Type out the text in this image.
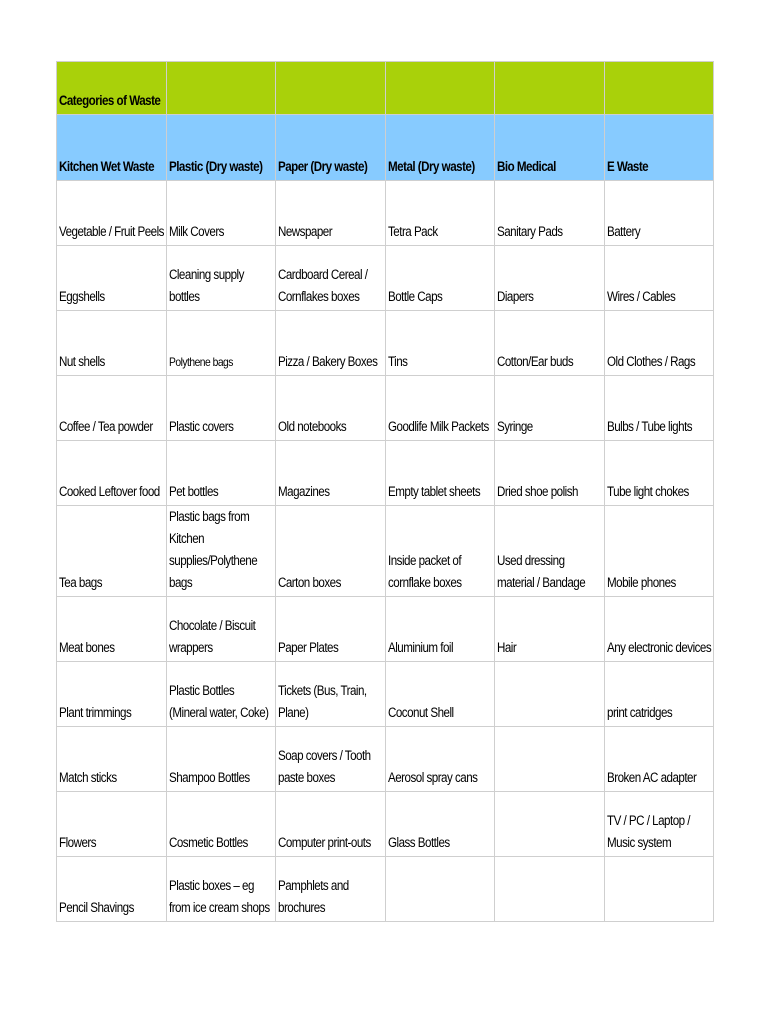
Categories of Waste					

Kitchen Wet Waste	Plastic (Dry waste)	Paper (Dry waste)	Metal (Dry waste)	Bio Medical	E Waste

Vegetable / Fruit Peels	Milk Covers	Newspaper	Tetra Pack	Sanitary Pads	Battery

Eggshells	Cleaning supply bottles	Cardboard Cereal / Cornflakes boxes	Bottle Caps	Diapers	Wires / Cables

Nut shells	Polythene bags	Pizza / Bakery Boxes	Tins	Cotton/Ear buds	Old Clothes / Rags

Coffee / Tea powder	Plastic covers	Old notebooks	Goodlife Milk Packets	Syringe	Bulbs / Tube lights

Cooked Leftover food	Pet bottles	Magazines	Empty tablet sheets	Dried shoe polish	Tube light chokes

Tea bags	Plastic bags from Kitchen supplies/Polythene bags	Carton boxes	Inside packet of cornflake boxes	Used dressing material / Bandage	Mobile phones

Meat bones	Chocolate / Biscuit wrappers	Paper Plates	Aluminium foil	Hair	Any electronic devices

Plant trimmings	Plastic Bottles (Mineral water, Coke)	Tickets (Bus, Train, Plane)	Coconut Shell		print catridges

Match sticks	Shampoo Bottles	Soap covers / Tooth paste boxes	Aerosol spray cans		Broken AC adapter

Flowers	Cosmetic Bottles	Computer print-outs	Glass Bottles		TV / PC / Laptop / Music system

Pencil Shavings	Plastic boxes – eg from ice cream shops	Pamphlets and brochures			
